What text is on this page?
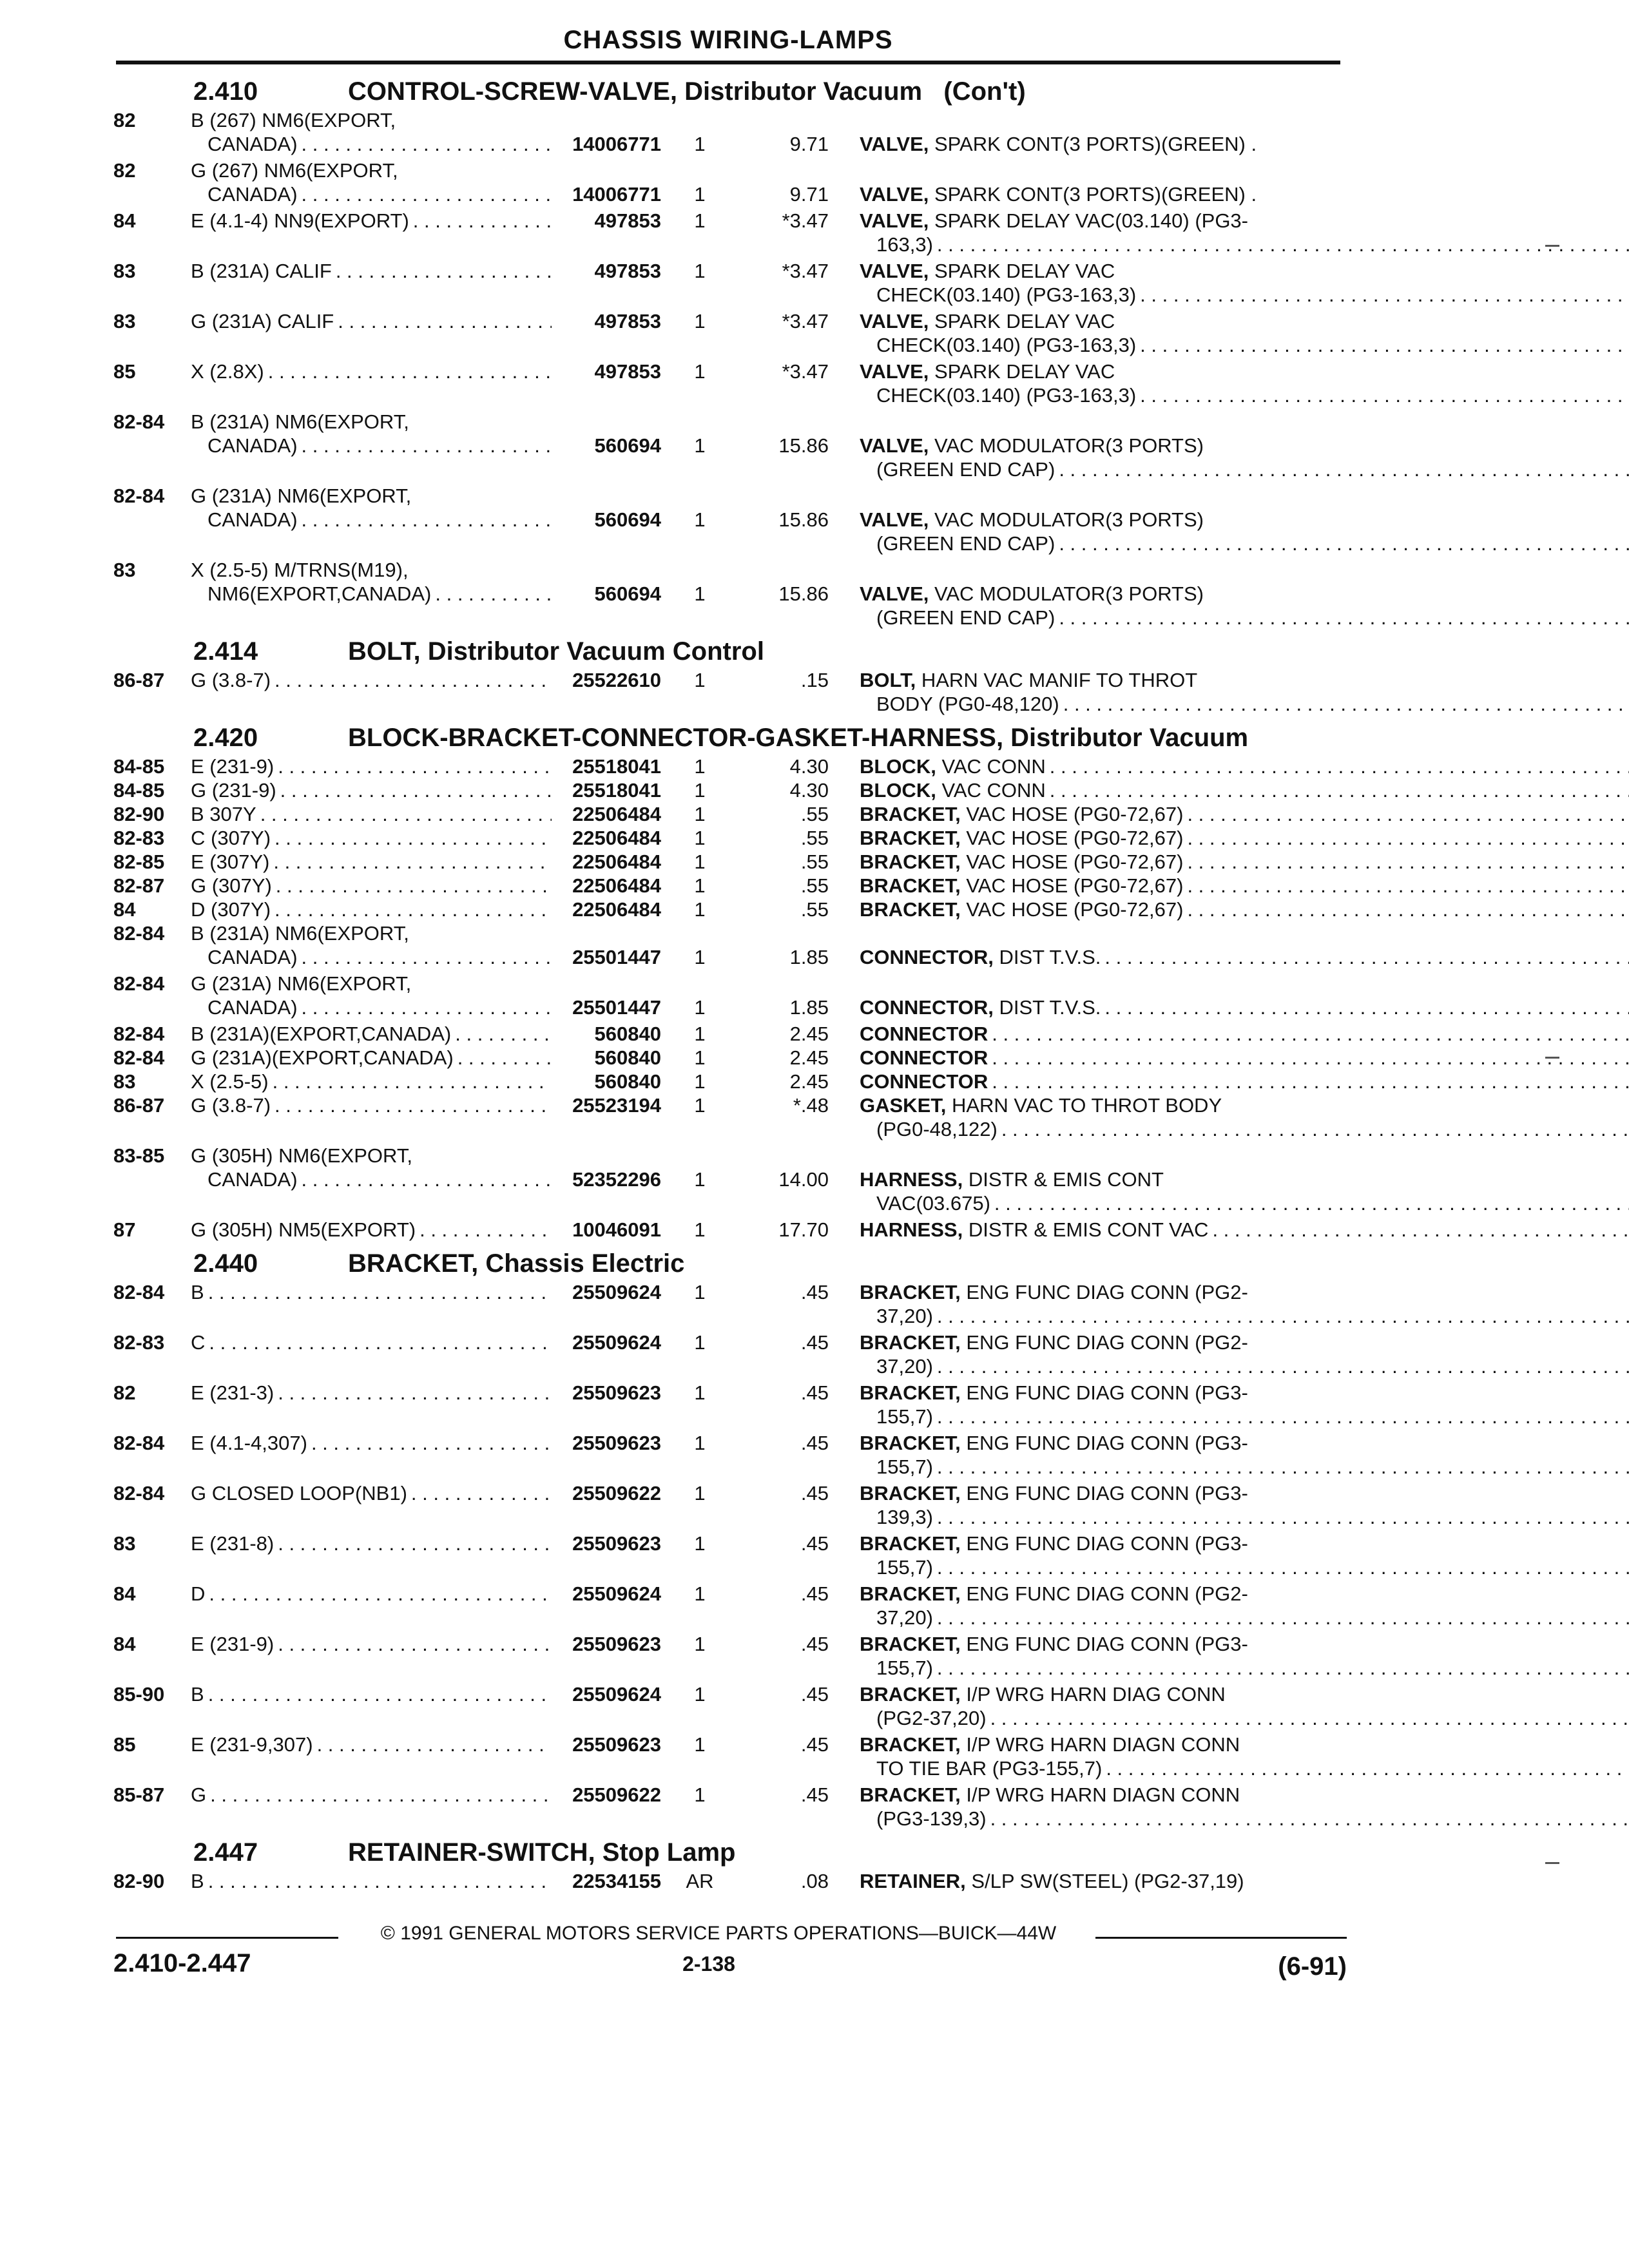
CHASSIS WIRING-LAMPS
2.410	CONTROL-SCREW-VALVE, Distributor Vacuum   (Con't)
82	B (267) NM6(EXPORT,
CANADA) . . .	14006771	1	9.71 VALVE, SPARK CONT(3 PORTS)(GREEN) .
82	G (267) NM6(EXPORT,
CANADA) . . .	14006771	1	9.71 VALVE, SPARK CONT(3 PORTS)(GREEN) .
84	E (4.1-4) NN9(EXPORT) . . .	497853	1	*3.47 VALVE, SPARK DELAY VAC(03.140) (PG3-
163,3)
. . .
83	B (231A) CALIF . . .	497853	1	*3.47 VALVE, SPARK DELAY VAC
CHECK(03.140) (PG3-163,3)
. . .
83	G (231A) CALIF . . .	497853	1	*3.47 VALVE, SPARK DELAY VAC
CHECK(03.140) (PG3-163,3)
. . .
85	X (2.8X) . . .	497853	1	*3.47 VALVE, SPARK DELAY VAC
CHECK(03.140) (PG3-163,3)
. . .
82-84	B (231A) NM6(EXPORT,
CANADA) . . .	560694	1	15.86 VALVE, VAC MODULATOR(3 PORTS)
(GREEN END CAP)
. . .
82-84	G (231A) NM6(EXPORT,
CANADA) . . .	560694	1	15.86 VALVE, VAC MODULATOR(3 PORTS)
(GREEN END CAP)
. . .
83	X (2.5-5) M/TRNS(M19),
NM6(EXPORT,CANADA) . . .	560694	1	15.86 VALVE, VAC MODULATOR(3 PORTS)
(GREEN END CAP)
. . .
2.414	BOLT, Distributor Vacuum Control
86-87	G (3.8-7) . . .	25522610	1	.15 BOLT, HARN VAC MANIF TO THROT
BODY (PG0-48,120)
. . .
2.420	BLOCK-BRACKET-CONNECTOR-GASKET-HARNESS, Distributor Vacuum
84-85	E (231-9) . . .	25518041	1	4.30 BLOCK, VAC CONN
. . .
84-85	G (231-9) . . .	25518041	1	4.30 BLOCK, VAC CONN
. . .
82-90	B 307Y . . .	22506484	1	.55 BRACKET, VAC HOSE (PG0-72,67)
. . .
82-83	C (307Y) . . .	22506484	1	.55 BRACKET, VAC HOSE (PG0-72,67)
. . .
82-85	E (307Y) . . .	22506484	1	.55 BRACKET, VAC HOSE (PG0-72,67)
. . .
82-87	G (307Y) . . .	22506484	1	.55 BRACKET, VAC HOSE (PG0-72,67)
. . .
84	D (307Y) . . .	22506484	1	.55 BRACKET, VAC HOSE (PG0-72,67)
. . .
82-84	B (231A) NM6(EXPORT,
CANADA) . . .	25501447	1	1.85 CONNECTOR, DIST T.V.S.
. . .
82-84	G (231A) NM6(EXPORT,
CANADA) . . .	25501447	1	1.85 CONNECTOR, DIST T.V.S.
. . .
82-84	B (231A)(EXPORT,CANADA) . . .	560840	1	2.45 CONNECTOR
. . .
82-84	G (231A)(EXPORT,CANADA) . . .	560840	1	2.45 CONNECTOR
. . .
83	X (2.5-5) . . .	560840	1	2.45 CONNECTOR
. . .
86-87	G (3.8-7) . . .	25523194	1	*.48 GASKET, HARN VAC TO THROT BODY
(PG0-48,122)
. . .
83-85	G (305H) NM6(EXPORT,
CANADA) . . .	52352296	1	14.00 HARNESS, DISTR & EMIS CONT
VAC(03.675)
. . .
87	G (305H) NM5(EXPORT) . . .	10046091	1	17.70 HARNESS, DISTR & EMIS CONT VAC
. . .
2.440	BRACKET, Chassis Electric
82-84	B . . .	25509624	1	.45 BRACKET, ENG FUNC DIAG CONN (PG2-
37,20)
. . .
82-83	C . . .	25509624	1	.45 BRACKET, ENG FUNC DIAG CONN (PG2-
37,20)
. . .
82	E (231-3) . . .	25509623	1	.45 BRACKET, ENG FUNC DIAG CONN (PG3-
155,7)
. . .
82-84	E (4.1-4,307) . . .	25509623	1	.45 BRACKET, ENG FUNC DIAG CONN (PG3-
155,7)
. . .
82-84	G CLOSED LOOP(NB1) . . .	25509622	1	.45 BRACKET, ENG FUNC DIAG CONN (PG3-
139,3)
. . .
83	E (231-8) . . .	25509623	1	.45 BRACKET, ENG FUNC DIAG CONN (PG3-
155,7)
. . .
84	D . . .	25509624	1	.45 BRACKET, ENG FUNC DIAG CONN (PG2-
37,20)
. . .
84	E (231-9) . . .	25509623	1	.45 BRACKET, ENG FUNC DIAG CONN (PG3-
155,7)
. . .
85-90	B . . .	25509624	1	.45 BRACKET, I/P WRG HARN DIAG CONN
(PG2-37,20)
. . .
85	E (231-9,307) . . .	25509623	1	.45 BRACKET, I/P WRG HARN DIAGN CONN
TO TIE BAR (PG3-155,7)
. . .
85-87	G . . .	25509622	1	.45 BRACKET, I/P WRG HARN DIAGN CONN
(PG3-139,3)
. . .
2.447	RETAINER-SWITCH, Stop Lamp
82-90	B . . .	22534155	AR	.08 RETAINER, S/LP SW(STEEL) (PG2-37,19)
© 1991 GENERAL MOTORS SERVICE PARTS OPERATIONS—BUICK—44W
2.410-2.447	2-138	(6-91)
